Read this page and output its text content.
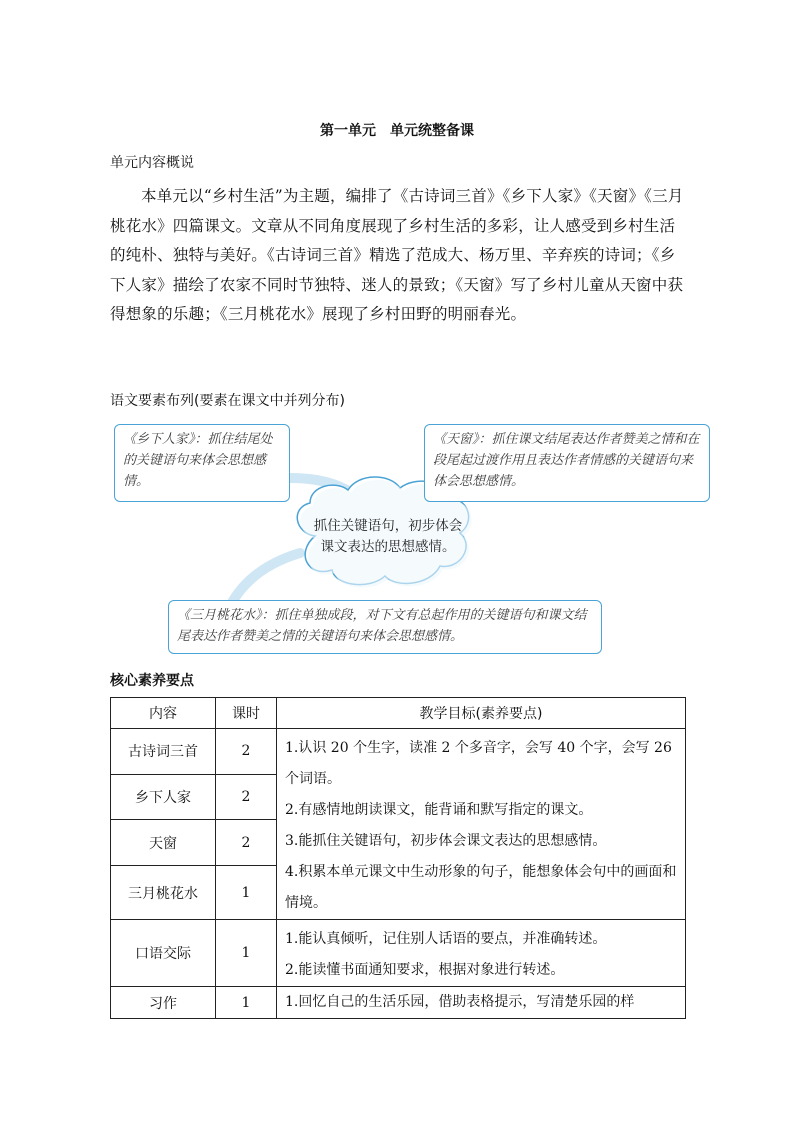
第一单元　单元统整备课
单元内容概说
本单元以“乡村生活”为主题，编排了《古诗词三首》《乡下人家》《天窗》《三月桃花水》四篇课文。文章从不同角度展现了乡村生活的多彩，让人感受到乡村生活的纯朴、独特与美好。《古诗词三首》精选了范成大、杨万里、辛弃疾的诗词；《乡下人家》描绘了农家不同时节独特、迷人的景致；《天窗》写了乡村儿童从天窗中获得想象的乐趣；《三月桃花水》展现了乡村田野的明丽春光。
语文要素布列(要素在课文中并列分布)
《乡下人家》：抓住结尾处的关键语句来体会思想感情。
《天窗》：抓住课文结尾表达作者赞美之情和在段尾起过渡作用且表达作者情感的关键语句来体会思想感情。
抓住关键语句，初步体会课文表达的思想感情。
《三月桃花水》：抓住单独成段，对下文有总起作用的关键语句和课文结尾表达作者赞美之情的关键语句来体会思想感情。
核心素养要点
内容	课时	教学目标(素养要点)
古诗词三首	2	1.认识 20 个生字，读准 2 个多音字，会写 40 个字，会写 26 个词语。

2.有感情地朗读课文，能背诵和默写指定的课文。

3.能抓住关键语句，初步体会课文表达的思想感情。

4.积累本单元课文中生动形象的句子，能想象体会句中的画面和情境。

乡下人家	2	
天窗	2	
三月桃花水	1	
口语交际	1	1.能认真倾听，记住别人话语的要点，并准确转述。

2.能读懂书面通知要求，根据对象进行转述。

习作	1	1.回忆自己的生活乐园，借助表格提示，写清楚乐园的样
